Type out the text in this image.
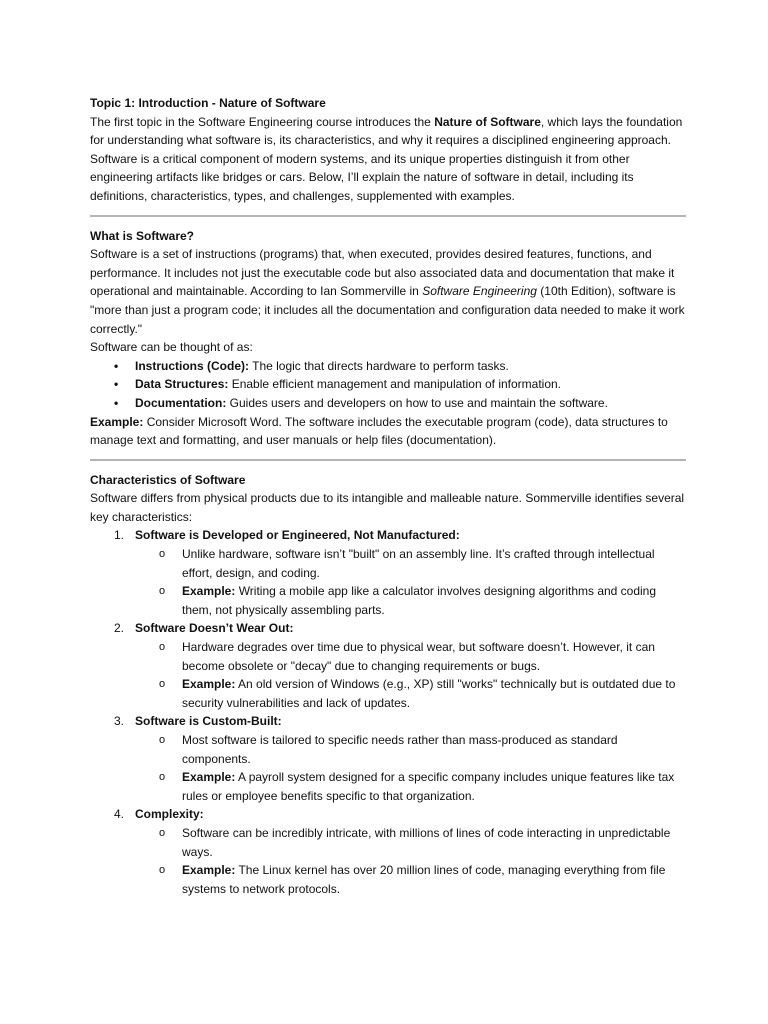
Topic 1: Introduction - Nature of Software

The first topic in the Software Engineering course introduces the Nature of Software, which lays the foundation for understanding what software is, its characteristics, and why it requires a disciplined engineering approach. Software is a critical component of modern systems, and its unique properties distinguish it from other engineering artifacts like bridges or cars. Below, I’ll explain the nature of software in detail, including its definitions, characteristics, types, and challenges, supplemented with examples.

What is Software?

Software is a set of instructions (programs) that, when executed, provides desired features, functions, and performance. It includes not just the executable code but also associated data and documentation that make it operational and maintainable. According to Ian Sommerville in Software Engineering (10th Edition), software is "more than just a program code; it includes all the documentation and configuration data needed to make it work correctly."

Software can be thought of as:

• Instructions (Code): The logic that directs hardware to perform tasks.
• Data Structures: Enable efficient management and manipulation of information.
• Documentation: Guides users and developers on how to use and maintain the software.

Example: Consider Microsoft Word. The software includes the executable program (code), data structures to manage text and formatting, and user manuals or help files (documentation).

Characteristics of Software

Software differs from physical products due to its intangible and malleable nature. Sommerville identifies several key characteristics:

1. Software is Developed or Engineered, Not Manufactured:
o Unlike hardware, software isn’t "built" on an assembly line. It’s crafted through intellectual effort, design, and coding.
o Example: Writing a mobile app like a calculator involves designing algorithms and coding them, not physically assembling parts.
2. Software Doesn’t Wear Out:
o Hardware degrades over time due to physical wear, but software doesn’t. However, it can become obsolete or "decay" due to changing requirements or bugs.
o Example: An old version of Windows (e.g., XP) still "works" technically but is outdated due to security vulnerabilities and lack of updates.
3. Software is Custom-Built:
o Most software is tailored to specific needs rather than mass-produced as standard components.
o Example: A payroll system designed for a specific company includes unique features like tax rules or employee benefits specific to that organization.
4. Complexity:
o Software can be incredibly intricate, with millions of lines of code interacting in unpredictable ways.
o Example: The Linux kernel has over 20 million lines of code, managing everything from file systems to network protocols.
